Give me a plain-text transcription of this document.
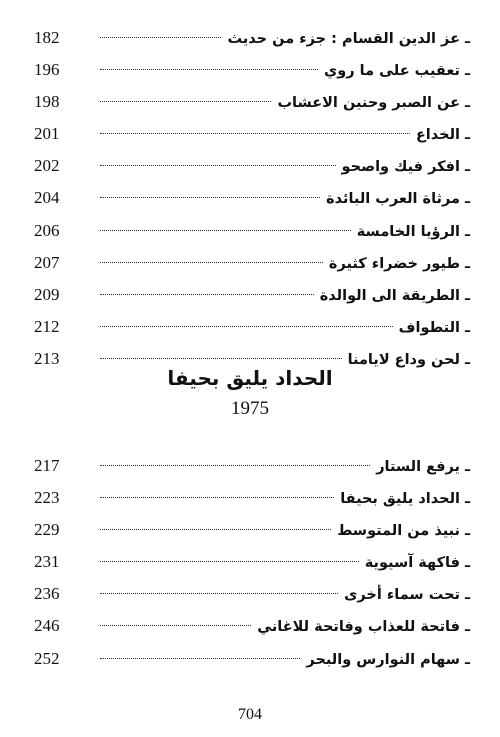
182	ـ عز الدين القسام : جزء من حديث
196	ـ تعقيب على ما روي
198	ـ عن الصبر وحنين الاعشاب
201	ـ الخداع
202	ـ افكر فيك واصحو
204	ـ مرثاة العرب البائدة
206	ـ الرؤيا الخامسة
207	ـ طيور خضراء كثيرة
209	ـ الطريقة الى الوالدة
212	ـ التطواف
213	ـ لحن وداع لايامنا
الحداد يليق بحيفا
1975
217	ـ يرفع الستار
223	ـ الحداد يليق بحيفا
229	ـ نبيذ من المتوسط
231	ـ فاكهة آسيوية
236	ـ تحت سماء أخرى
246	ـ فاتحة للعذاب وفاتحة للاغاني
252	ـ سهام النوارس والبحر
704
